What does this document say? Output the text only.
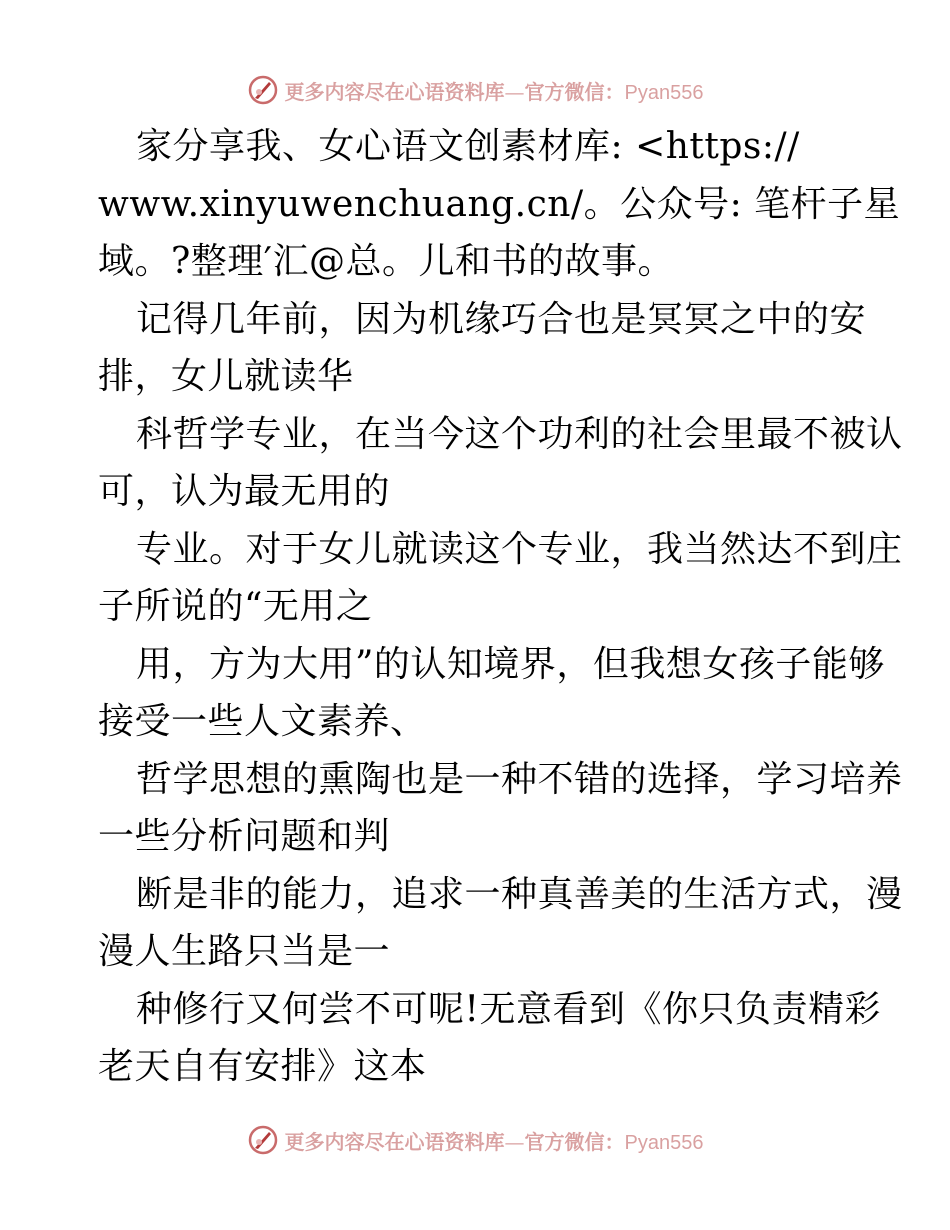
更多内容尽在心语资料库—官方微信：Pyan556
家分享我、女心语文创素材库: <https://
www.xinyuwenchuang.cn/。公众号: 笔杆子星
域。?整理′汇@总。儿和书的故事。
记得几年前，因为机缘巧合也是冥冥之中的安
排，女儿就读华
科哲学专业，在当今这个功利的社会里最不被认
可，认为最无用的
专业。对于女儿就读这个专业，我当然达不到庄
子所说的“无用之
用，方为大用”的认知境界，但我想女孩子能够
接受一些人文素养、
哲学思想的熏陶也是一种不错的选择，学习培养
一些分析问题和判
断是非的能力，追求一种真善美的生活方式，漫
漫人生路只当是一
种修行又何尝不可呢!无意看到《你只负责精彩
老天自有安排》这本
更多内容尽在心语资料库—官方微信：Pyan556
